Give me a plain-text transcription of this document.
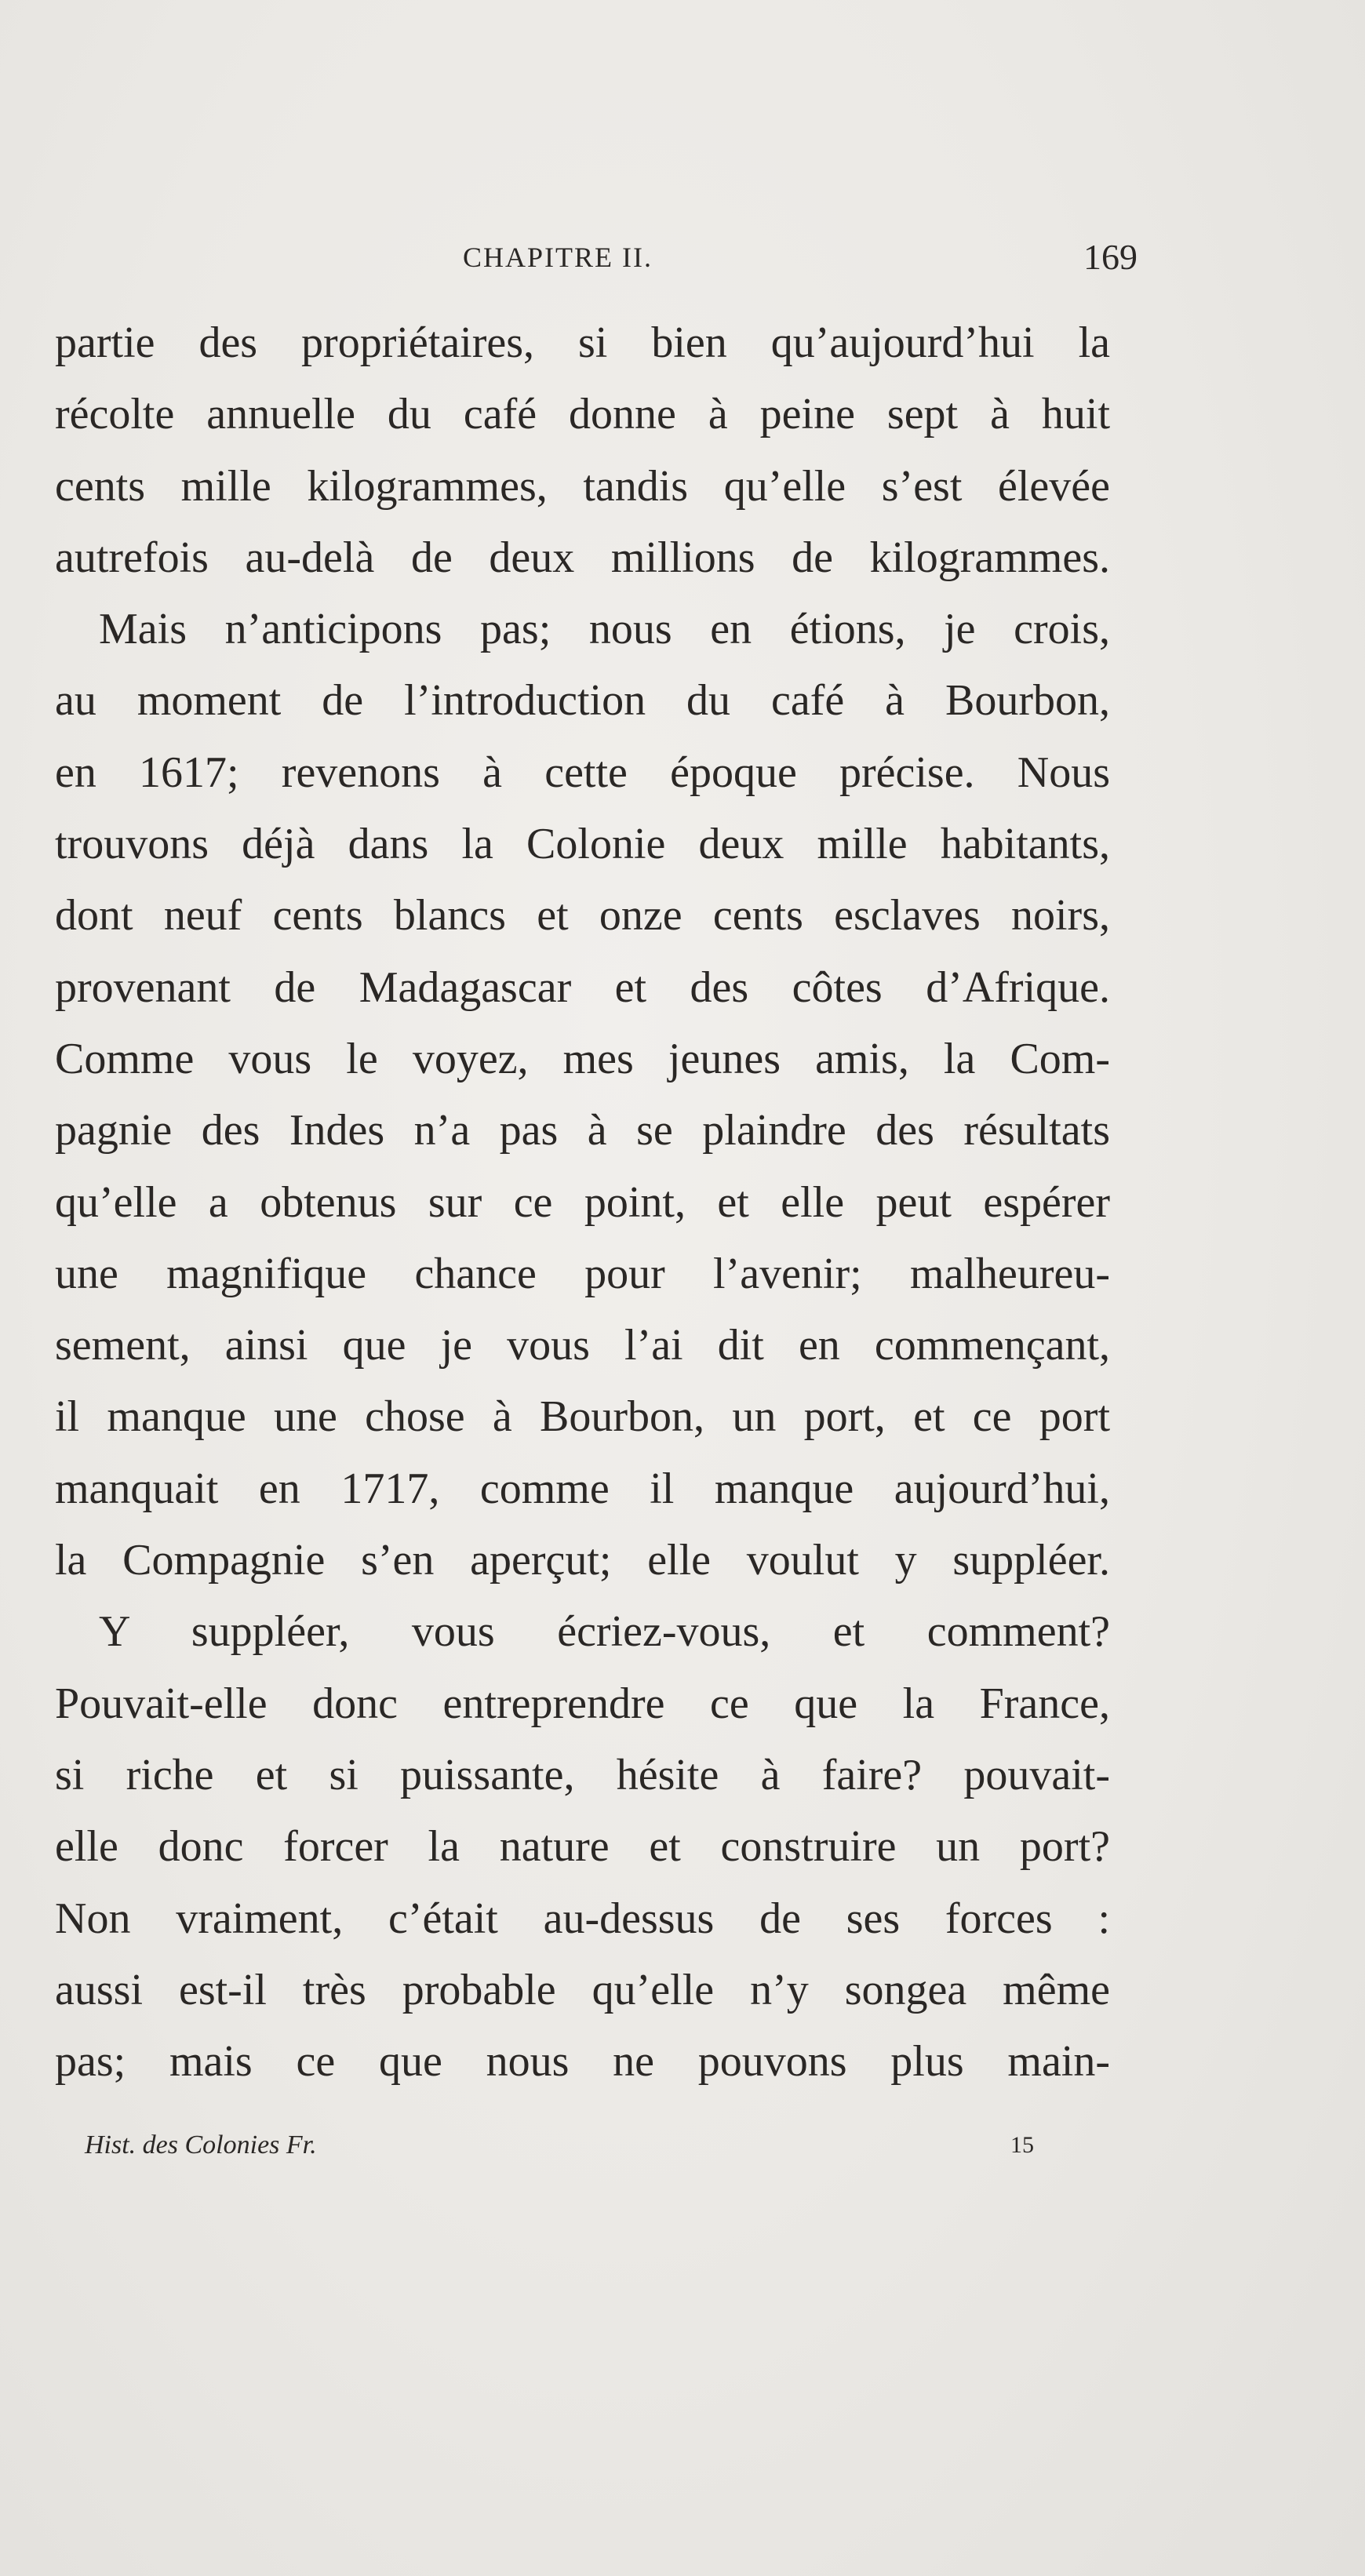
CHAPITRE II.	169
partie des propriétaires, si bien qu’aujourd’hui la
récolte annuelle du café donne à peine sept à huit
cents mille kilogrammes, tandis qu’elle s’est élevée
autrefois au-delà de deux millions de kilogrammes.
Mais n’anticipons pas; nous en étions, je crois,
au moment de l’introduction du café à Bourbon,
en 1617; revenons à cette époque précise. Nous
trouvons déjà dans la Colonie deux mille habitants,
dont neuf cents blancs et onze cents esclaves noirs,
provenant de Madagascar et des côtes d’Afrique.
Comme vous le voyez, mes jeunes amis, la Com-
pagnie des Indes n’a pas à se plaindre des résultats
qu’elle a obtenus sur ce point, et elle peut espérer
une magnifique chance pour l’avenir; malheureu-
sement, ainsi que je vous l’ai dit en commençant,
il manque une chose à Bourbon, un port, et ce port
manquait en 1717, comme il manque aujourd’hui,
la Compagnie s’en aperçut; elle voulut y suppléer.
Y suppléer, vous écriez-vous, et comment?
Pouvait-elle donc entreprendre ce que la France,
si riche et si puissante, hésite à faire? pouvait-
elle donc forcer la nature et construire un port?
Non vraiment, c’était au-dessus de ses forces :
aussi est-il très probable qu’elle n’y songea même
pas; mais ce que nous ne pouvons plus main-
Hist. des Colonies Fr.	15
